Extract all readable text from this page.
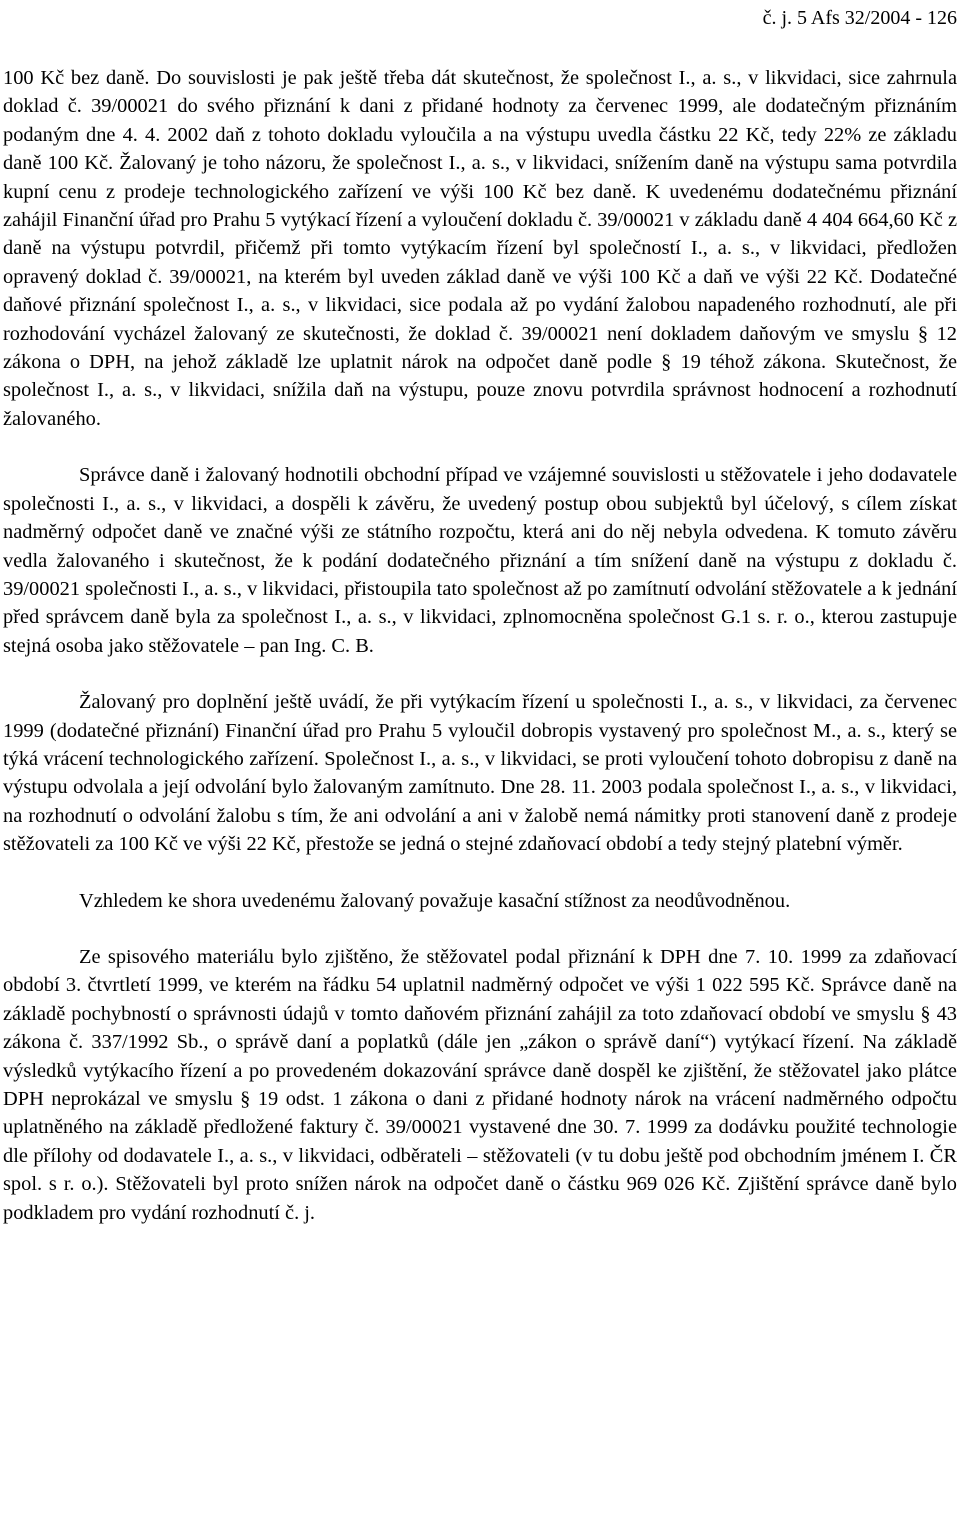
č. j. 5 Afs 32/2004 - 126

100 Kč bez daně. Do souvislosti je pak ještě třeba dát skutečnost, že společnost I., a. s., v likvidaci, sice zahrnula doklad č. 39/00021 do svého přiznání k dani z přidané hodnoty za červenec 1999, ale dodatečným přiznáním podaným dne 4. 4. 2002 daň z tohoto dokladu vyloučila a na výstupu uvedla částku 22 Kč, tedy 22% ze základu daně 100 Kč. Žalovaný je toho názoru, že společnost I., a. s., v likvidaci, snížením daně na výstupu sama potvrdila kupní cenu z prodeje technologického zařízení ve výši 100 Kč bez daně. K uvedenému dodatečnému přiznání zahájil Finanční úřad pro Prahu 5 vytýkací řízení a vyloučení dokladu č. 39/00021 v základu daně 4 404 664,60 Kč z daně na výstupu potvrdil, přičemž při tomto vytýkacím řízení byl společností I., a. s., v likvidaci, předložen opravený doklad č. 39/00021, na kterém byl uveden základ daně ve výši 100 Kč a daň ve výši 22 Kč. Dodatečné daňové přiznání společnost I., a. s., v likvidaci, sice podala až po vydání žalobou napadeného rozhodnutí, ale při rozhodování vycházel žalovaný ze skutečnosti, že doklad č. 39/00021 není dokladem daňovým ve smyslu § 12 zákona o DPH, na jehož základě lze uplatnit nárok na odpočet daně podle § 19 téhož zákona. Skutečnost, že společnost I., a. s., v likvidaci, snížila daň na výstupu, pouze znovu potvrdila správnost hodnocení a rozhodnutí žalovaného.

Správce daně i žalovaný hodnotili obchodní případ ve vzájemné souvislosti u stěžovatele i jeho dodavatele společnosti I., a. s., v likvidaci, a dospěli k závěru, že uvedený postup obou subjektů byl účelový, s cílem získat nadměrný odpočet daně ve značné výši ze státního rozpočtu, která ani do něj nebyla odvedena. K tomuto závěru vedla žalovaného i skutečnost, že k podání dodatečného přiznání a tím snížení daně na výstupu z dokladu č. 39/00021 společnosti I., a. s., v likvidaci, přistoupila tato společnost až po zamítnutí odvolání stěžovatele a k jednání před správcem daně byla za společnost I., a. s., v likvidaci, zplnomocněna společnost G.1 s. r. o., kterou zastupuje stejná osoba jako stěžovatele – pan Ing. C. B.

Žalovaný pro doplnění ještě uvádí, že při vytýkacím řízení u společnosti I., a. s., v likvidaci, za červenec 1999 (dodatečné přiznání) Finanční úřad pro Prahu 5 vyloučil dobropis vystavený pro společnost M., a. s., který se týká vrácení technologického zařízení. Společnost I., a. s., v likvidaci, se proti vyloučení tohoto dobropisu z daně na výstupu odvolala a její odvolání bylo žalovaným zamítnuto. Dne 28. 11. 2003 podala společnost I., a. s., v likvidaci, na rozhodnutí o odvolání žalobu s tím, že ani odvolání a ani v žalobě nemá námitky proti stanovení daně z prodeje stěžovateli za 100 Kč ve výši 22 Kč, přestože se jedná o stejné zdaňovací období a tedy stejný platební výměr.

Vzhledem ke shora uvedenému žalovaný považuje kasační stížnost za neodůvodněnou.

Ze spisového materiálu bylo zjištěno, že stěžovatel podal přiznání k DPH dne 7. 10. 1999 za zdaňovací období 3. čtvrtletí 1999, ve kterém na řádku 54 uplatnil nadměrný odpočet ve výši 1 022 595 Kč. Správce daně na základě pochybností o správnosti údajů v tomto daňovém přiznání zahájil za toto zdaňovací období ve smyslu § 43 zákona č. 337/1992 Sb., o správě daní a poplatků (dále jen „zákon o správě daní“) vytýkací řízení. Na základě výsledků vytýkacího řízení a po provedeném dokazování správce daně dospěl ke zjištění, že stěžovatel jako plátce DPH neprokázal ve smyslu § 19 odst. 1 zákona o dani z přidané hodnoty nárok na vrácení nadměrného odpočtu uplatněného na základě předložené faktury č. 39/00021 vystavené dne 30. 7. 1999 za dodávku použité technologie dle přílohy od dodavatele I., a. s., v likvidaci, odběrateli – stěžovateli (v tu dobu ještě pod obchodním jménem I. ČR spol. s r. o.). Stěžovateli byl proto snížen nárok na odpočet daně o částku 969 026 Kč. Zjištění správce daně bylo podkladem pro vydání rozhodnutí č. j.
